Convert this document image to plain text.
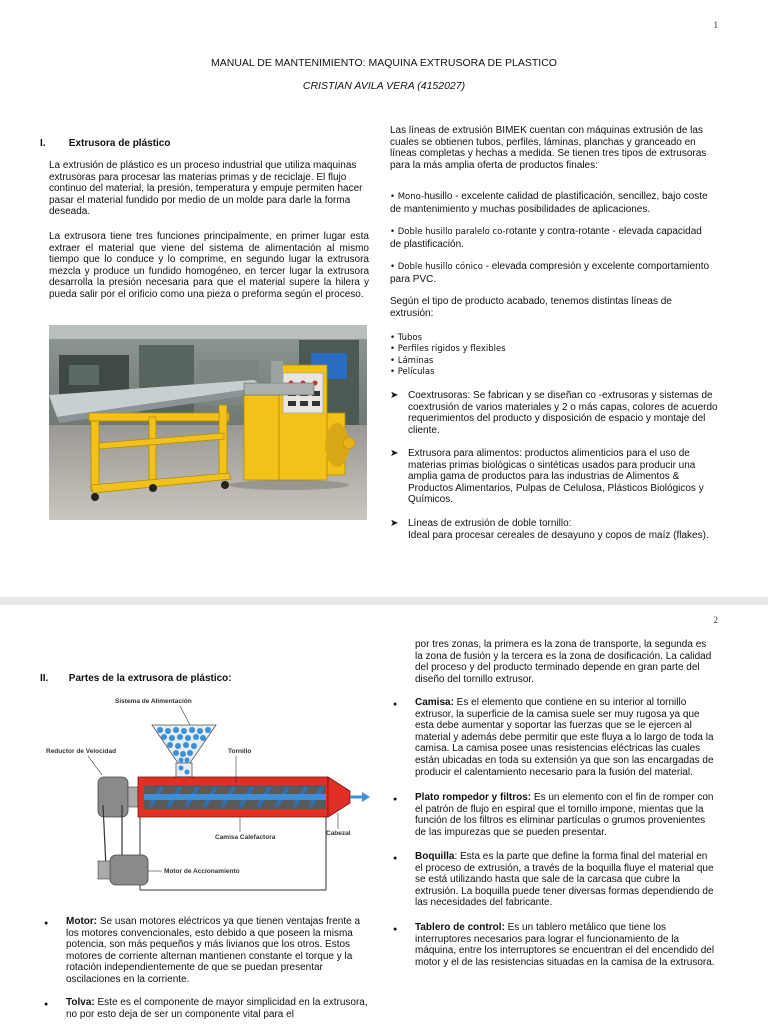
1
MANUAL DE MANTENIMIENTO: MAQUINA EXTRUSORA DE PLASTICO
CRISTIAN AVILA VERA (4152027)
I. Extrusora de plástico

La extrusión de plástico es un proceso industrial que utiliza maquinas extrusoras para procesar las materias primas y de reciclaje. El flujo continuo del material, la presión, temperatura y empuje permiten hacer pasar el material fundido por medio de un molde para darle la forma deseada.

La extrusora tiene tres funciones principalmente, en primer lugar esta extraer el material que viene del sistema de alimentación al mismo tiempo que lo conduce y lo comprime, en segundo lugar la extrusora mezcla y produce un fundido homogéneo, en tercer lugar la extrusora desarrolla la presión necesaria para que el material supere la hilera y pueda salir por el orificio como una pieza o preforma según el proceso.

Las líneas de extrusión BIMEK cuentan con máquinas extrusión de las cuales se obtienen tubos, perfiles, láminas, planchas y granceado en líneas completas y hechas a medida. Se tienen tres tipos de extrusoras para la más amplia oferta de productos finales:

• Mono-husillo - excelente calidad de plastificación, sencillez, bajo coste de mantenimiento y muchas posibilidades de aplicaciones.

• Doble husillo paralelo co-rotante y contra-rotante - elevada capacidad de plastificación.

• Doble husillo cónico - elevada compresión y excelente comportamiento para PVC.

Según el tipo de producto acabado, tenemos distintas líneas de extrusión:

• Tubos
• Perfiles rígidos y flexibles
• Láminas
• Películas
➤ Coextrusoras: Se fabrican y se diseñan co -extrusoras y sistemas de coextrusión de varios materiales y 2 o más capas, colores de acuerdo requerimientos del producto y disposición de espacio y montaje del cliente.
➤ Extrusora para alimentos: productos alimenticios para el uso de materias primas biológicas o sintéticas usados para producir una amplia gama de productos para las industrias de Alimentos & Productos Alimentarios, Pulpas de Celulosa, Plásticos Biológicos y Químicos.
➤ Líneas de extrusión de doble tornillo:
Ideal para procesar cereales de desayuno y copos de maíz (flakes).
2
II. Partes de la extrusora de plástico:
Sistema de Alimentación
Reductor de Velocidad	Tornillo
Cabezal
Camisa Calefactora
Motor de Accionamiento
● Motor: Se usan motores eléctricos ya que tienen ventajas frente a los motores convencionales, esto debido a que poseen la misma potencia, son más pequeños y más livianos que los otros. Estos motores de corriente alternan mantienen constante el torque y la rotación independientemente de que se puedan presentar oscilaciones en la corriente.
● Tolva: Este es el componente de mayor simplicidad en la extrusora, no por esto deja de ser un componente vital para el

por tres zonas, la primera es la zona de transporte, la segunda es la zona de fusión y la tercera es la zona de dosificación. La calidad del proceso y del producto terminado depende en gran parte del diseño del tornillo extrusor.

● Camisa: Es el elemento que contiene en su interior al tornillo extrusor, la superficie de la camisa suele ser muy rugosa ya que esta debe aumentar y soportar las fuerzas que se le ejercen al material y además debe permitir que este fluya a lo largo de toda la camisa. La camisa posee unas resistencias eléctricas las cuales están ubicadas en toda su extensión ya que son las encargadas de producir el calentamiento necesario para la fusión del material.
● Plato rompedor y filtros: Es un elemento con el fin de romper con el patrón de flujo en espiral que el tornillo impone, mientas que la función de los filtros es eliminar partículas o grumos provenientes de las impurezas que se pueden presentar.
● Boquilla: Esta es la parte que define la forma final del material en el proceso de extrusión, a través de la boquilla fluye el material que se está utilizando hasta que sale de la carcasa que cubre la extrusión. La boquilla puede tener diversas formas dependiendo de las necesidades del fabricante.
● Tablero de control: Es un tablero metálico que tiene los interruptores necesarios para lograr el funcionamiento de la máquina, entre los interruptores se encuentran el del encendido del motor y el de las resistencias situadas en la camisa de la extrusora.
